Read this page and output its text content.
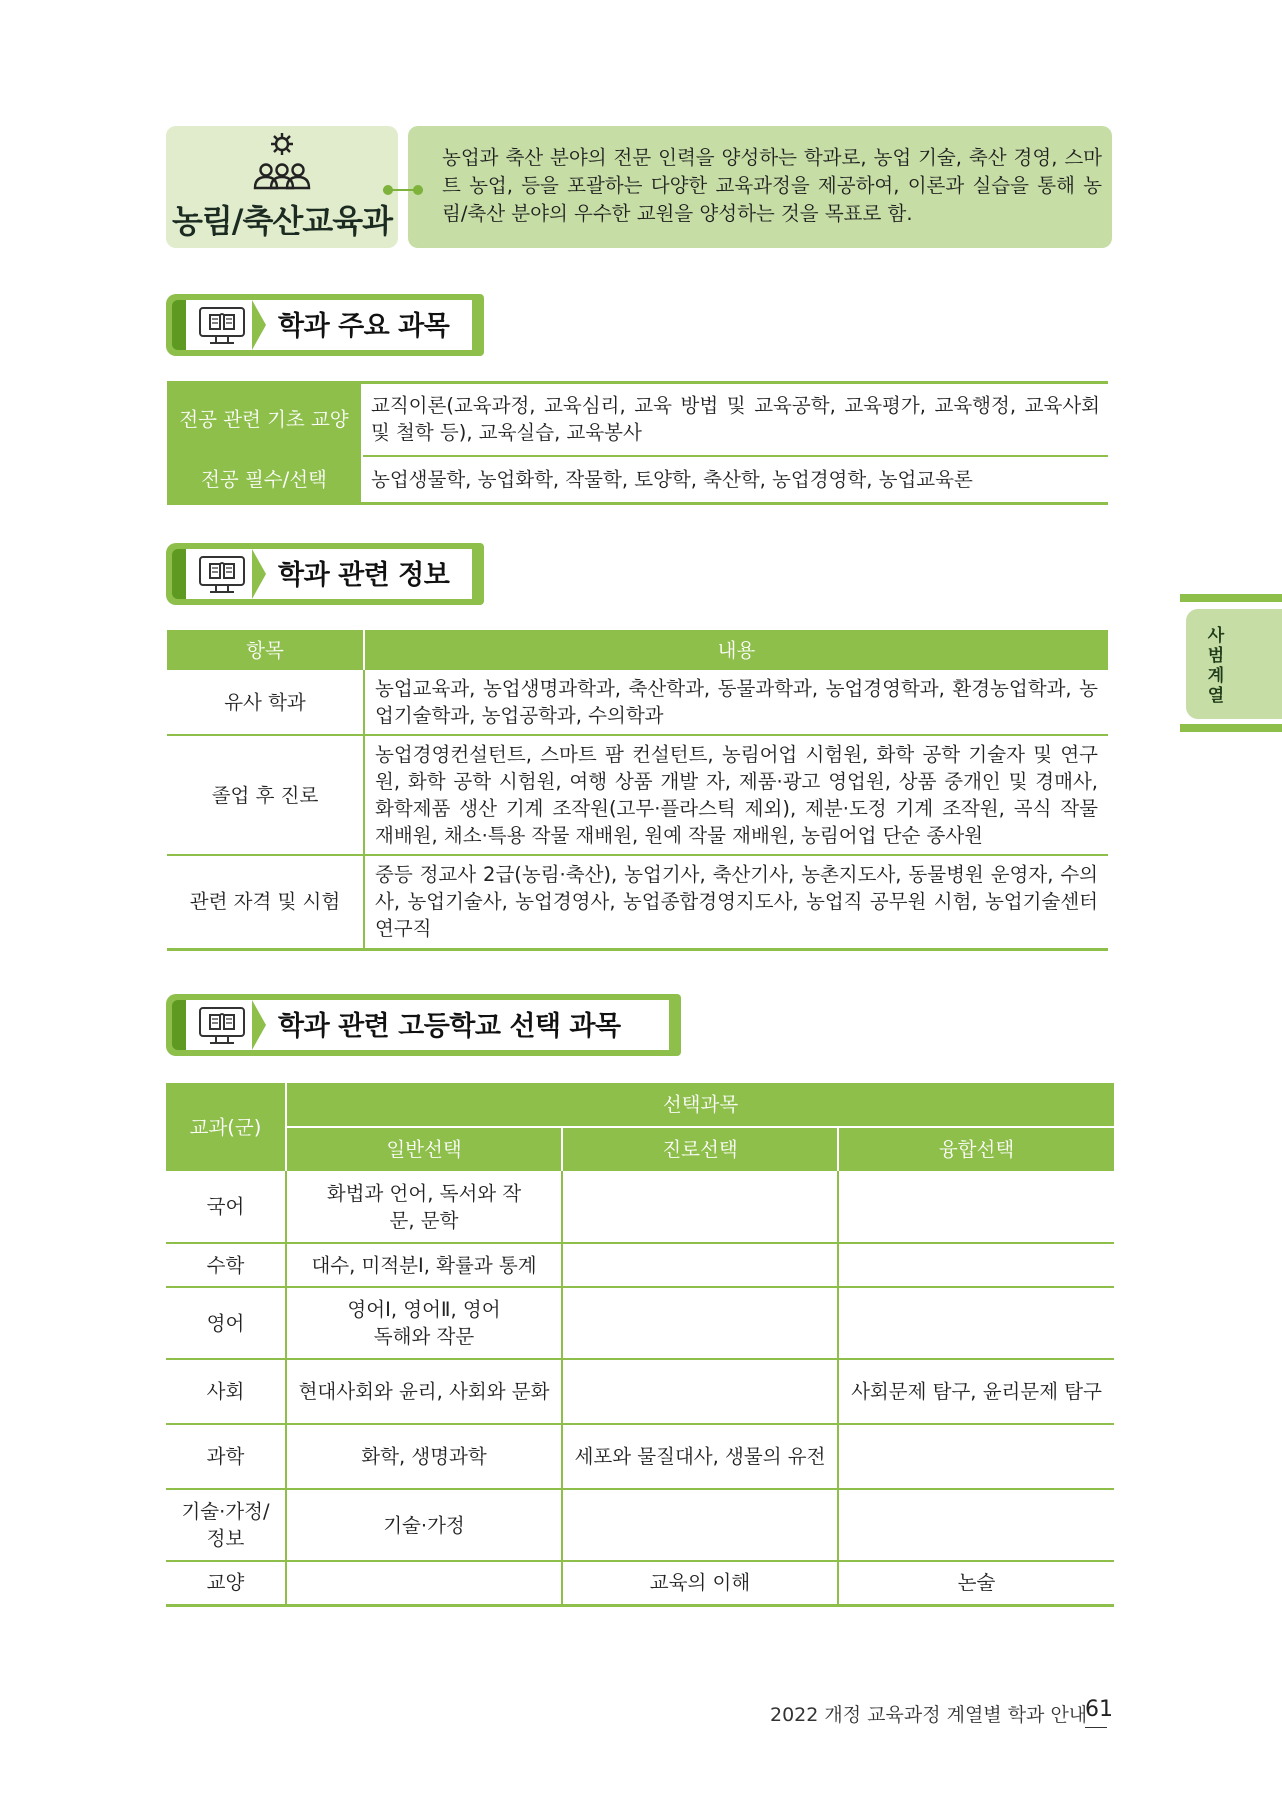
농림/축산교육과
농업과 축산 분야의 전문 인력을 양성하는 학과로, 농업 기술, 축산 경영, 스마트 농업, 등을 포괄하는 다양한 교육과정을 제공하여, 이론과 실습을 통해 농림/축산 분야의 우수한 교원을 양성하는 것을 목표로 함.
학과 주요 과목
전공 관련 기초 교양	교직이론(교육과정, 교육심리, 교육 방법 및 교육공학, 교육평가, 교육행정, 교육사회 및 철학 등), 교육실습, 교육봉사
전공 필수/선택	농업생물학, 농업화학, 작물학, 토양학, 축산학, 농업경영학, 농업교육론
학과 관련 정보
항목	내용
유사 학과	농업교육과, 농업생명과학과, 축산학과, 동물과학과, 농업경영학과, 환경농업학과, 농업기술학과, 농업공학과, 수의학과
졸업 후 진로	농업경영컨설턴트, 스마트 팜 컨설턴트, 농림어업 시험원, 화학 공학 기술자 및 연구원, 화학 공학 시험원, 여행 상품 개발 자, 제품·광고 영업원, 상품 중개인 및 경매사, 화학제품 생산 기계 조작원(고무·플라스틱 제외), 제분·도정 기계 조작원, 곡식 작물 재배원, 채소·특용 작물 재배원, 원예 작물 재배원, 농림어업 단순 종사원
관련 자격 및 시험	중등 정교사 2급(농림·축산), 농업기사, 축산기사, 농촌지도사, 동물병원 운영자, 수의사, 농업기술사, 농업경영사, 농업종합경영지도사, 농업직 공무원 시험, 농업기술센터 연구직
학과 관련 고등학교 선택 과목
교과(군)	선택과목		
	일반선택	진로선택	융합선택
국어	화법과 언어, 독서와 작문, 문학		
수학	대수, 미적분Ⅰ, 확률과 통계		
영어	영어Ⅰ, 영어Ⅱ, 영어 독해와 작문		
사회	현대사회와 윤리, 사회와 문화		사회문제 탐구, 윤리문제 탐구
과학	화학, 생명과학	세포와 물질대사, 생물의 유전	
기술·가정/정보	기술·가정		
교양		교육의 이해	논술
사범계열
2022 개정 교육과정 계열별 학과 안내
61
